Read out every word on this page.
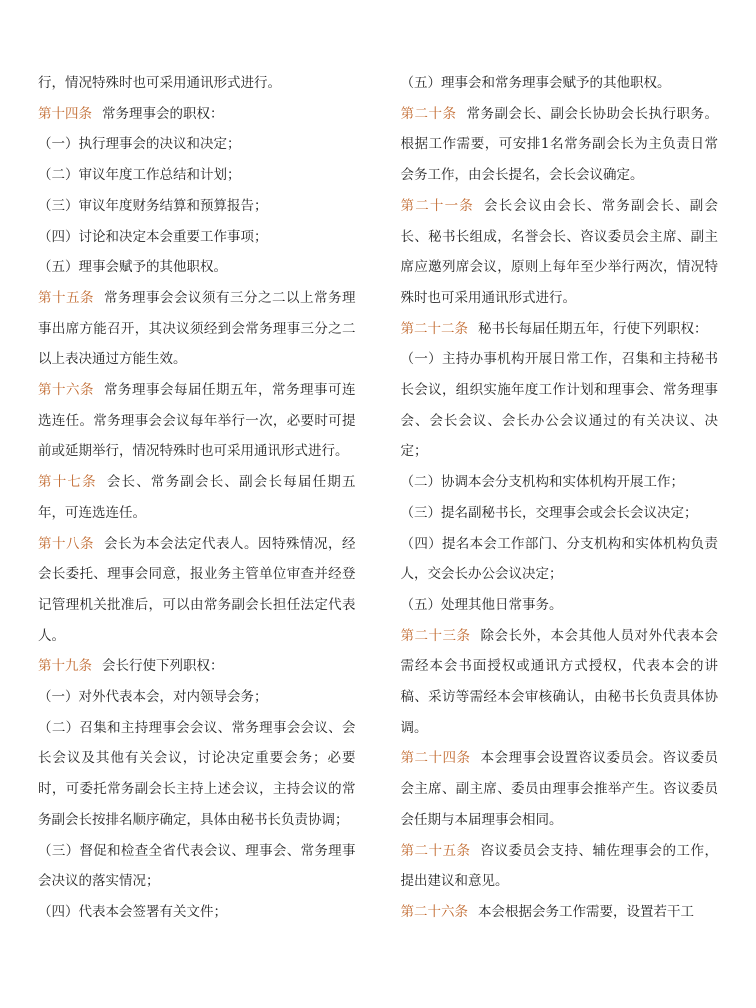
行，情况特殊时也可采用通讯形式进行。

第十四条 常务理事会的职权：

（一）执行理事会的决议和决定；

（二）审议年度工作总结和计划；

（三）审议年度财务结算和预算报告；

（四）讨论和决定本会重要工作事项；

（五）理事会赋予的其他职权。

第十五条 常务理事会会议须有三分之二以上常务理事出席方能召开，其决议须经到会常务理事三分之二以上表决通过方能生效。

第十六条 常务理事会每届任期五年，常务理事可连选连任。常务理事会会议每年举行一次，必要时可提前或延期举行，情况特殊时也可采用通讯形式进行。

第十七条 会长、常务副会长、副会长每届任期五年，可连选连任。

第十八条 会长为本会法定代表人。因特殊情况，经会长委托、理事会同意，报业务主管单位审查并经登记管理机关批准后，可以由常务副会长担任法定代表人。

第十九条 会长行使下列职权：

（一）对外代表本会，对内领导会务；

（二）召集和主持理事会会议、常务理事会会议、会长会议及其他有关会议，讨论决定重要会务；必要时，可委托常务副会长主持上述会议，主持会议的常务副会长按排名顺序确定，具体由秘书长负责协调；

（三）督促和检查全省代表会议、理事会、常务理事会决议的落实情况；

（四）代表本会签署有关文件；

（五）理事会和常务理事会赋予的其他职权。

第二十条 常务副会长、副会长协助会长执行职务。根据工作需要，可安排1名常务副会长为主负责日常会务工作，由会长提名，会长会议确定。

第二十一条 会长会议由会长、常务副会长、副会长、秘书长组成，名誉会长、咨议委员会主席、副主席应邀列席会议，原则上每年至少举行两次，情况特殊时也可采用通讯形式进行。

第二十二条 秘书长每届任期五年，行使下列职权：

（一）主持办事机构开展日常工作，召集和主持秘书长会议，组织实施年度工作计划和理事会、常务理事会、会长会议、会长办公会议通过的有关决议、决定；

（二）协调本会分支机构和实体机构开展工作；

（三）提名副秘书长，交理事会或会长会议决定；

（四）提名本会工作部门、分支机构和实体机构负责人，交会长办公会议决定；

（五）处理其他日常事务。

第二十三条 除会长外，本会其他人员对外代表本会需经本会书面授权或通讯方式授权，代表本会的讲稿、采访等需经本会审核确认，由秘书长负责具体协调。

第二十四条 本会理事会设置咨议委员会。咨议委员会主席、副主席、委员由理事会推举产生。咨议委员会任期与本届理事会相同。

第二十五条 咨议委员会支持、辅佐理事会的工作，提出建议和意见。

第二十六条 本会根据会务工作需要，设置若干工
